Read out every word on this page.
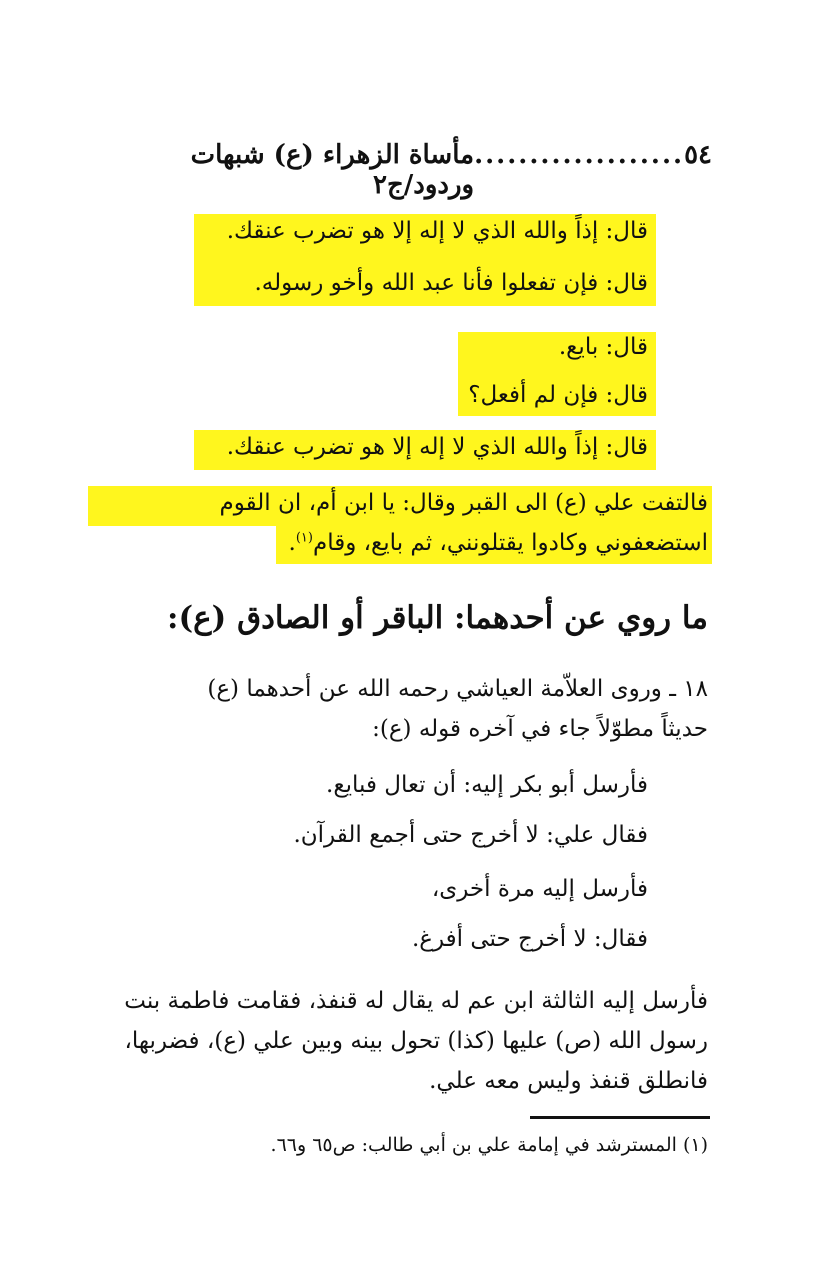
٥٤
...................
مأساة الزهراء (ع) شبهات وردود/ج٢
قال: إذاً والله الذي لا إله إلا هو تضرب عنقك.
قال: فإن تفعلوا فأنا عبد الله وأخو رسوله.
قال: بايع.
قال: فإن لم أفعل؟
قال: إذاً والله الذي لا إله إلا هو تضرب عنقك.
فالتفت علي (ع) الى القبر وقال: يا ابن أم، ان القوم
استضعفوني وكادوا يقتلونني، ثم بايع، وقام$^{(١)}$.
ما روي عن أحدهما: الباقر أو الصادق (ع):
١٨ ـ وروى العلاّمة العياشي رحمه الله عن أحدهما (ع)
حديثاً مطوّلاً جاء في آخره قوله (ع):
فأرسل أبو بكر إليه: أن تعال فبايع.
فقال علي: لا أخرج حتى أجمع القرآن.
فأرسل إليه مرة أخرى،
فقال: لا أخرج حتى أفرغ.
فأرسل إليه الثالثة ابن عم له يقال له قنفذ، فقامت فاطمة بنت
رسول الله (ص) عليها (كذا) تحول بينه وبين علي (ع)، فضربها،
فانطلق قنفذ وليس معه علي.
(١) المسترشد في إمامة علي بن أبي طالب: ص٦٥ و٦٦.
